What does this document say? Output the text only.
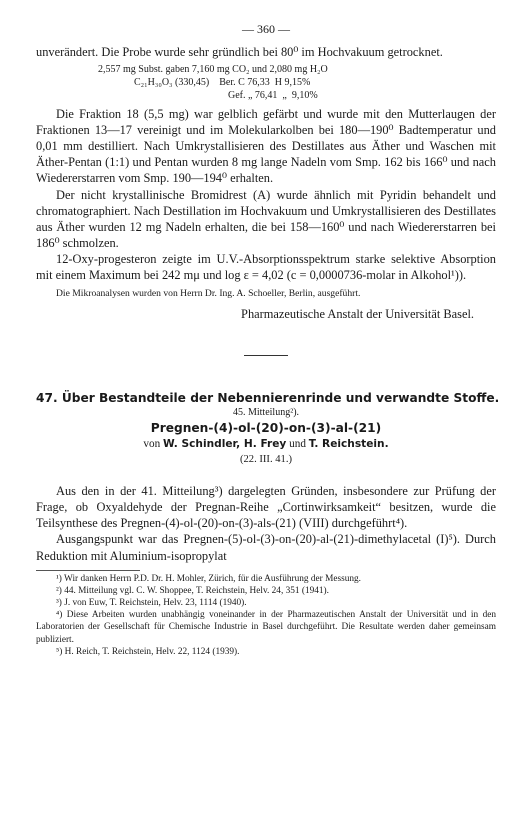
— 360 —

unverändert. Die Probe wurde sehr gründlich bei 80⁰ im Hochvakuum getrocknet.

2,557 mg Subst. gaben 7,160 mg CO₂ und 2,080 mg H₂O
C₂₁H₃₀O₃ (330,45)    Ber. C 76,33  H 9,15%
Gef. „ 76,41  „  9,10%

Die Fraktion 18 (5,5 mg) war gelblich gefärbt und wurde mit den Mutterlaugen der Fraktionen 13—17 vereinigt und im Molekularkolben bei 180—190⁰ Badtemperatur und 0,01 mm destilliert. Nach Umkrystallisieren des Destillates aus Äther und Waschen mit Äther-Pentan (1:1) und Pentan wurden 8 mg lange Nadeln vom Smp. 162 bis 166⁰ und nach Wiedererstarren vom Smp. 190—194⁰ erhalten.

Der nicht krystallinische Bromidrest (A) wurde ähnlich mit Pyridin behandelt und chromatographiert. Nach Destillation im Hochvakuum und Umkrystallisieren des Destillates aus Äther wurden 12 mg Nadeln erhalten, die bei 158—160⁰ und nach Wiedererstarren bei 186⁰ schmolzen.

12-Oxy-progesteron zeigte im U.V.-Absorptionsspektrum starke selektive Absorption mit einem Maximum bei 242 mμ und log ε = 4,02 (c = 0,0000736-molar in Alkohol¹)).

Die Mikroanalysen wurden von Herrn Dr. Ing. A. Schoeller, Berlin, ausgeführt.

Pharmazeutische Anstalt der Universität Basel.
47. Über Bestandteile der Nebennierenrinde und verwandte Stoffe.
45. Mitteilung²).
Pregnen-(4)-ol-(20)-on-(3)-al-(21)
von W. Schindler, H. Frey und T. Reichstein.
(22. III. 41.)

Aus den in der 41. Mitteilung³) dargelegten Gründen, insbesondere zur Prüfung der Frage, ob Oxyaldehyde der Pregnan-Reihe „Cortinwirksamkeit“ besitzen, wurde die Teilsynthese des Pregnen-(4)-ol-(20)-on-(3)-als-(21) (VIII) durchgeführt⁴).

Ausgangspunkt war das Pregnen-(5)-ol-(3)-on-(20)-al-(21)-dimethylacetal (I)⁵). Durch Reduktion mit Aluminium-isopropylat

¹) Wir danken Herrn P.D. Dr. H. Mohler, Zürich, für die Ausführung der Messung.

²) 44. Mitteilung vgl. C. W. Shoppee, T. Reichstein, Helv. 24, 351 (1941).

³) J. von Euw, T. Reichstein, Helv. 23, 1114 (1940).

⁴) Diese Arbeiten wurden unabhängig voneinander in der Pharmazeutischen Anstalt der Universität und in den Laboratorien der Gesellschaft für Chemische Industrie in Basel durchgeführt. Die Resultate werden daher gemeinsam publiziert.

⁵) H. Reich, T. Reichstein, Helv. 22, 1124 (1939).
